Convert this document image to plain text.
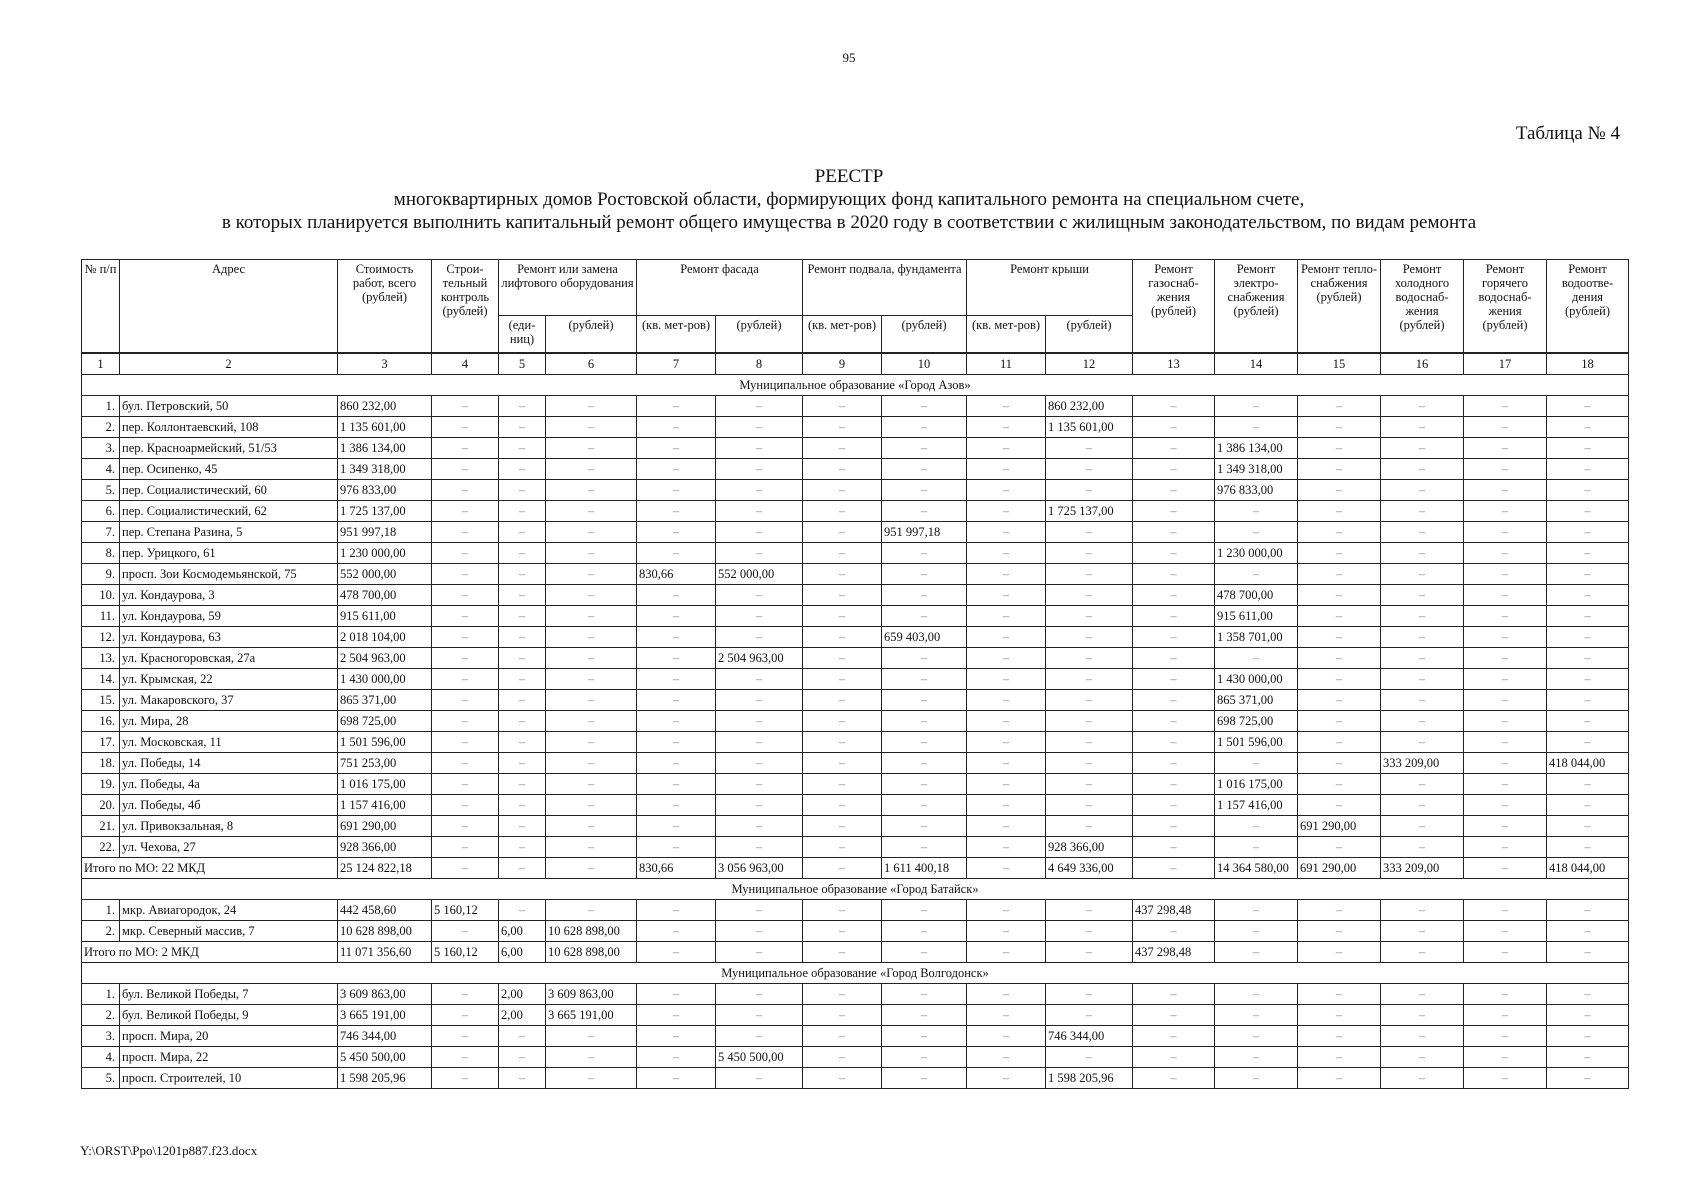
95
Таблица № 4
РЕЕСТР
многоквартирных домов Ростовской области, формирующих фонд капитального ремонта на специальном счете,
в которых планируется выполнить капитальный ремонт общего имущества в 2020 году в соответствии с жилищным законодательством, по видам ремонта
№ п/п	Адрес	Стоимость работ, всего (рублей)	Строи-тельный контроль (рублей)	Ремонт или замена лифтового оборудования		Ремонт фасада		Ремонт подвала, фундамента		Ремонт крыши		Ремонт газоснаб-жения (рублей)	Ремонт электро-снабжения (рублей)	Ремонт тепло-снабжения (рублей)	Ремонт холодного водоснаб-жения (рублей)	Ремонт горячего водоснаб-жения (рублей)	Ремонт водоотве-дения (рублей)
				(еди-ниц)	(рублей)	(кв. мет-ров)	(рублей)	(кв. мет-ров)	(рублей)	(кв. мет-ров)	(рублей)						
1	2	3	4	5	6	7	8	9	10	11	12	13	14	15	16	17	18
Муниципальное образование «Город Азов»																	
1.	бул. Петровский, 50	860 232,00	–	–	–	–	–	–	–	–	860 232,00	–	–	–	–	–	–
2.	пер. Коллонтаевский, 108	1 135 601,00	–	–	–	–	–	–	–	–	1 135 601,00	–	–	–	–	–	–
3.	пер. Красноармейский, 51/53	1 386 134,00	–	–	–	–	–	–	–	–	–	–	1 386 134,00	–	–	–	–
4.	пер. Осипенко, 45	1 349 318,00	–	–	–	–	–	–	–	–	–	–	1 349 318,00	–	–	–	–
5.	пер. Социалистический, 60	976 833,00	–	–	–	–	–	–	–	–	–	–	976 833,00	–	–	–	–
6.	пер. Социалистический, 62	1 725 137,00	–	–	–	–	–	–	–	–	1 725 137,00	–	–	–	–	–	–
7.	пер. Степана Разина, 5	951 997,18	–	–	–	–	–	–	951 997,18	–	–	–	–	–	–	–	–
8.	пер. Урицкого, 61	1 230 000,00	–	–	–	–	–	–	–	–	–	–	1 230 000,00	–	–	–	–
9.	просп. Зои Космодемьянской, 75	552 000,00	–	–	–	830,66	552 000,00	–	–	–	–	–	–	–	–	–	–
10.	ул. Кондаурова, 3	478 700,00	–	–	–	–	–	–	–	–	–	–	478 700,00	–	–	–	–
11.	ул. Кондаурова, 59	915 611,00	–	–	–	–	–	–	–	–	–	–	915 611,00	–	–	–	–
12.	ул. Кондаурова, 63	2 018 104,00	–	–	–	–	–	–	659 403,00	–	–	–	1 358 701,00	–	–	–	–
13.	ул. Красногоровская, 27а	2 504 963,00	–	–	–	–	2 504 963,00	–	–	–	–	–	–	–	–	–	–
14.	ул. Крымская, 22	1 430 000,00	–	–	–	–	–	–	–	–	–	–	1 430 000,00	–	–	–	–
15.	ул. Макаровского, 37	865 371,00	–	–	–	–	–	–	–	–	–	–	865 371,00	–	–	–	–
16.	ул. Мира, 28	698 725,00	–	–	–	–	–	–	–	–	–	–	698 725,00	–	–	–	–
17.	ул. Московская, 11	1 501 596,00	–	–	–	–	–	–	–	–	–	–	1 501 596,00	–	–	–	–
18.	ул. Победы, 14	751 253,00	–	–	–	–	–	–	–	–	–	–	–	–	333 209,00	–	418 044,00
19.	ул. Победы, 4а	1 016 175,00	–	–	–	–	–	–	–	–	–	–	1 016 175,00	–	–	–	–
20.	ул. Победы, 4б	1 157 416,00	–	–	–	–	–	–	–	–	–	–	1 157 416,00	–	–	–	–
21.	ул. Привокзальная, 8	691 290,00	–	–	–	–	–	–	–	–	–	–	–	691 290,00	–	–	–
22.	ул. Чехова, 27	928 366,00	–	–	–	–	–	–	–	–	928 366,00	–	–	–	–	–	–
Итого по МО: 22 МКД		25 124 822,18	–	–	–	830,66	3 056 963,00	–	1 611 400,18	–	4 649 336,00	–	14 364 580,00	691 290,00	333 209,00	–	418 044,00
Муниципальное образование «Город Батайск»																	
1.	мкр. Авиагородок, 24	442 458,60	5 160,12	–	–	–	–	–	–	–	–	437 298,48	–	–	–	–	–
2.	мкр. Северный массив, 7	10 628 898,00	–	6,00	10 628 898,00	–	–	–	–	–	–	–	–	–	–	–	–
Итого по МО: 2 МКД		11 071 356,60	5 160,12	6,00	10 628 898,00	–	–	–	–	–	–	437 298,48	–	–	–	–	–
Муниципальное образование «Город Волгодонск»																	
1.	бул. Великой Победы, 7	3 609 863,00	–	2,00	3 609 863,00	–	–	–	–	–	–	–	–	–	–	–	–
2.	бул. Великой Победы, 9	3 665 191,00	–	2,00	3 665 191,00	–	–	–	–	–	–	–	–	–	–	–	–
3.	просп. Мира, 20	746 344,00	–	–	–	–	–	–	–	–	746 344,00	–	–	–	–	–	–
4.	просп. Мира, 22	5 450 500,00	–	–	–	–	5 450 500,00	–	–	–	–	–	–	–	–	–	–
5.	просп. Строителей, 10	1 598 205,96	–	–	–	–	–	–	–	–	1 598 205,96	–	–	–	–	–	–
Y:\ORST\Ppo\1201p887.f23.docx
